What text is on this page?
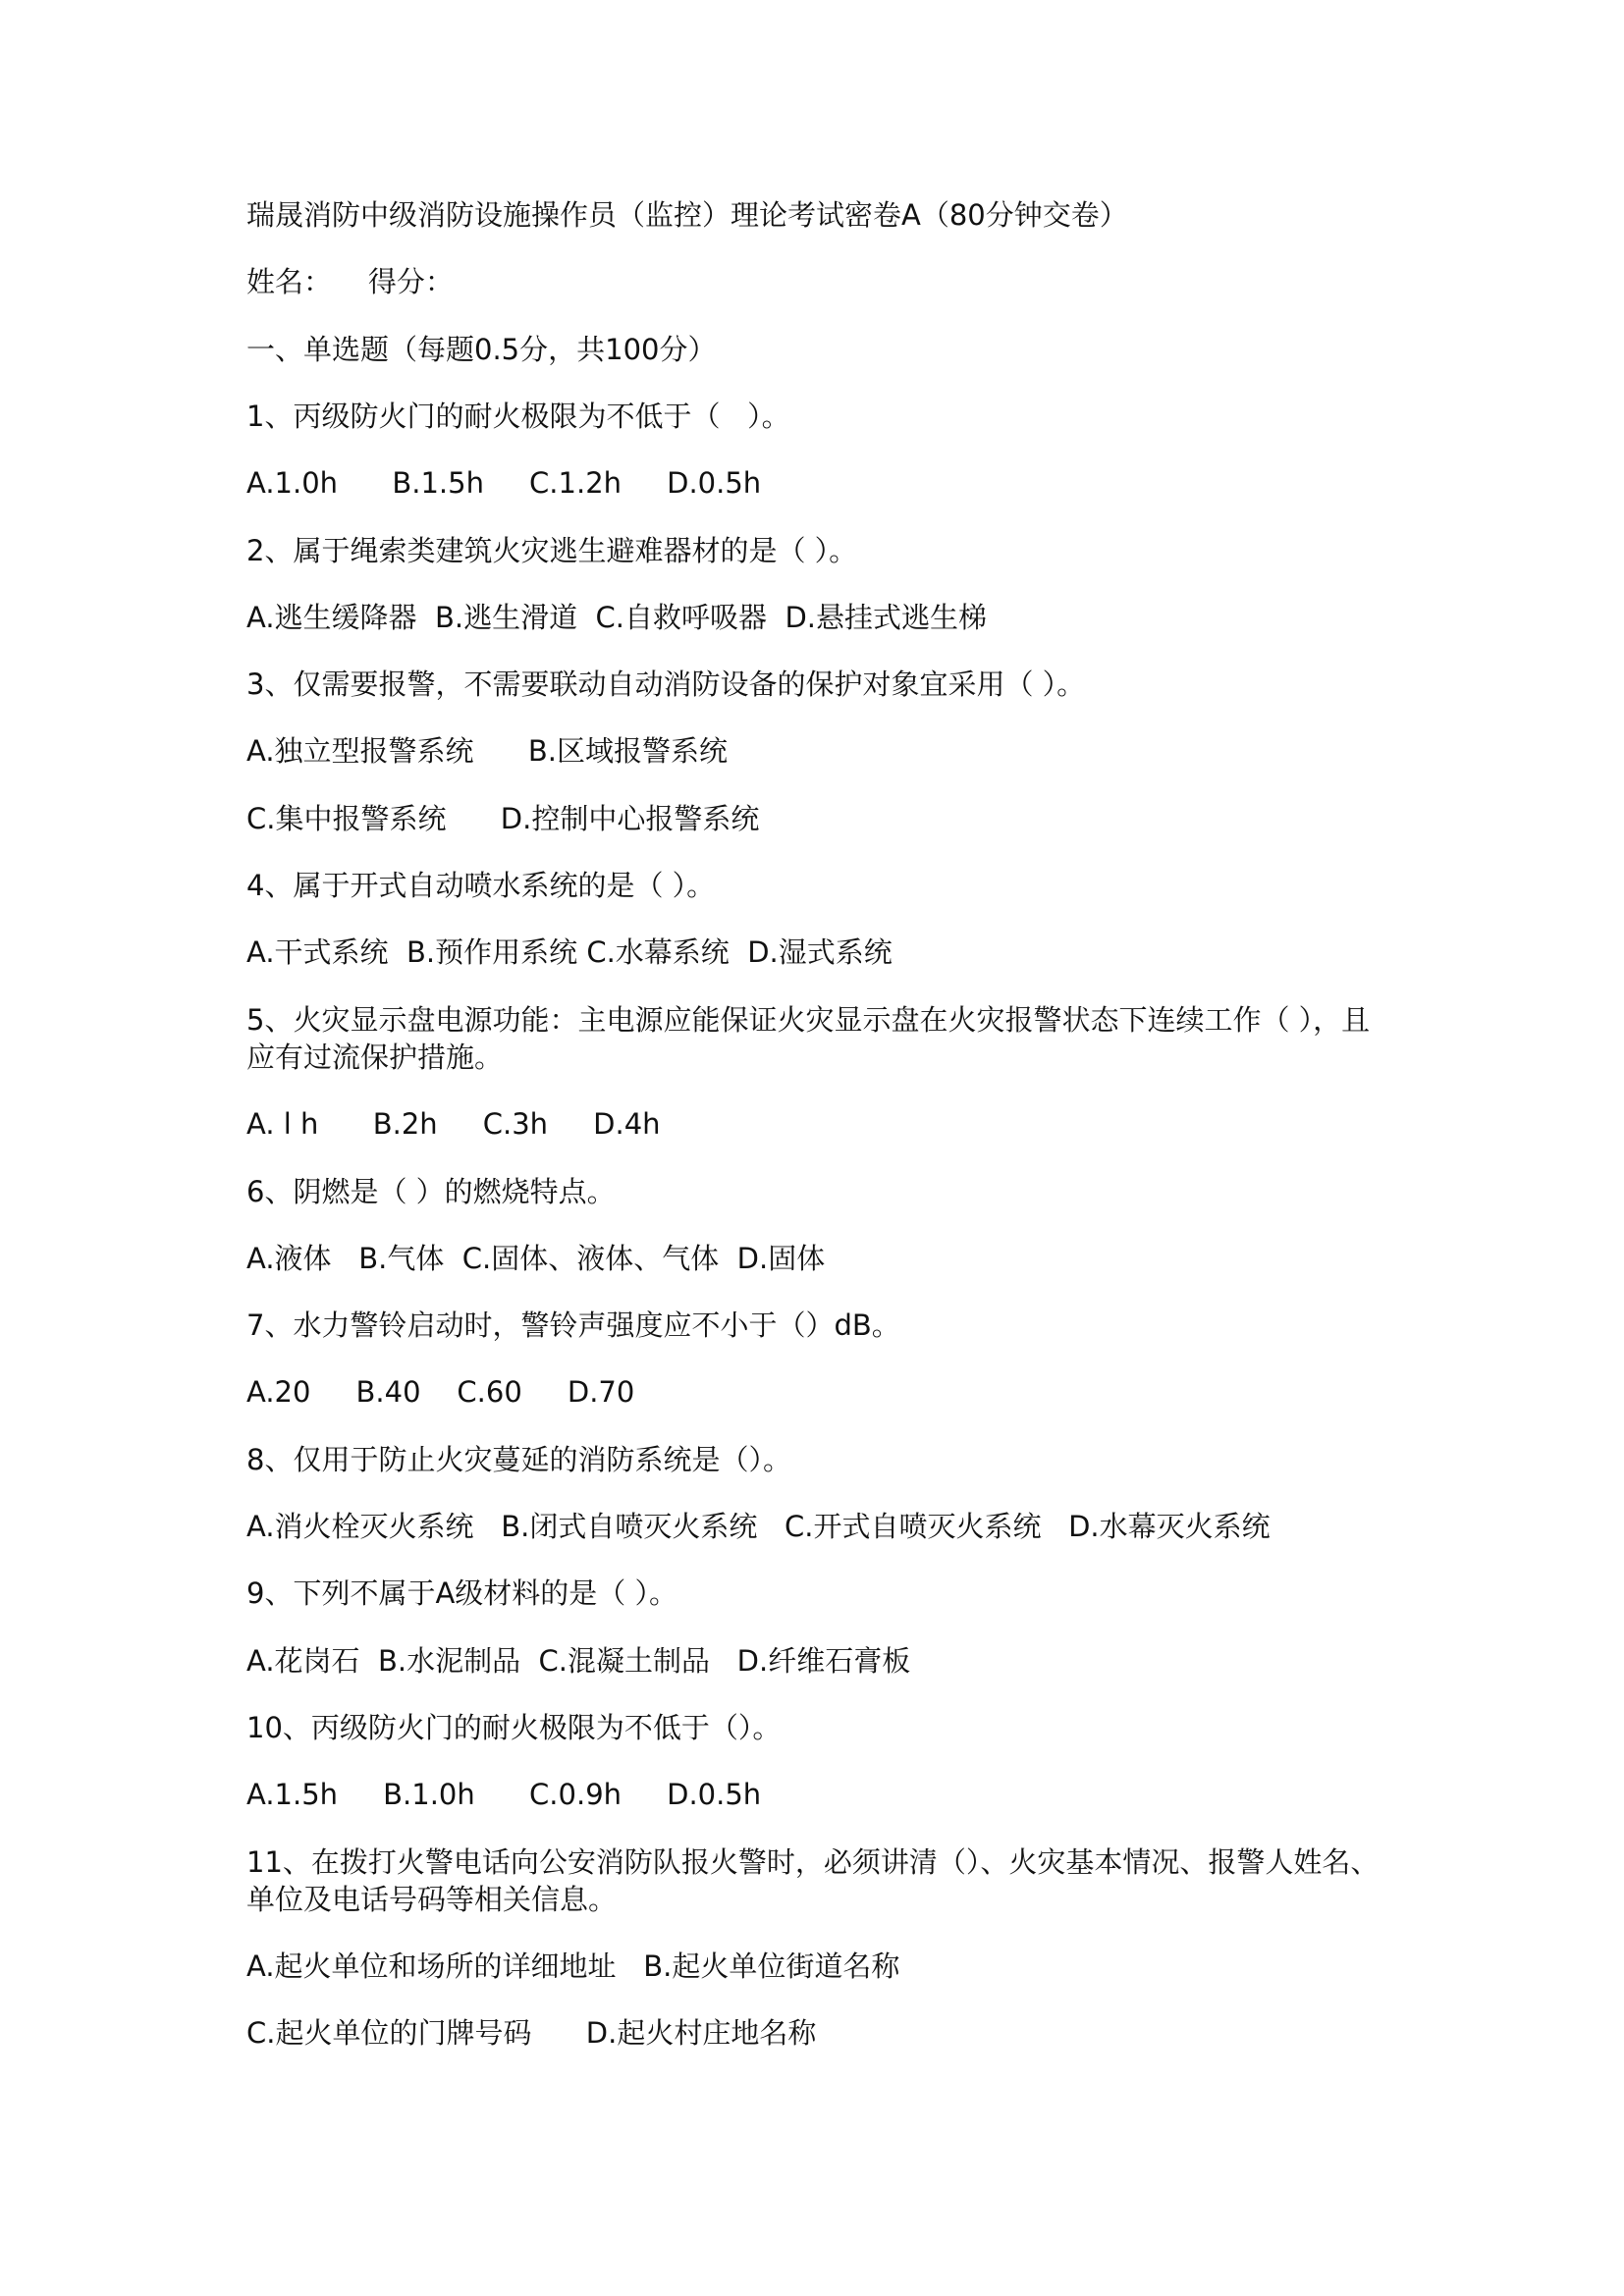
瑞晟消防中级消防设施操作员（监控）理论考试密卷A（80分钟交卷）
姓名：    得分：
一、单选题（每题0.5分，共100分）
1、丙级防火门的耐火极限为不低于（   ）。
A.1.0h      B.1.5h     C.1.2h     D.0.5h
2、属于绳索类建筑火灾逃生避难器材的是（ ）。
A.逃生缓降器  B.逃生滑道  C.自救呼吸器  D.悬挂式逃生梯
3、仅需要报警，不需要联动自动消防设备的保护对象宜采用（ ）。
A.独立型报警系统      B.区域报警系统
C.集中报警系统      D.控制中心报警系统
4、属于开式自动喷水系统的是（ ）。
A.干式系统  B.预作用系统 C.水幕系统  D.湿式系统
5、火灾显示盘电源功能：主电源应能保证火灾显示盘在火灾报警状态下连续工作（ ），且应有过流保护措施。
A. l h      B.2h     C.3h     D.4h
6、阴燃是（ ）的燃烧特点。
A.液体   B.气体  C.固体、液体、气体  D.固体
7、水力警铃启动时，警铃声强度应不小于（）dB。
A.20     B.40    C.60     D.70
8、仅用于防止火灾蔓延的消防系统是（）。
A.消火栓灭火系统   B.闭式自喷灭火系统   C.开式自喷灭火系统   D.水幕灭火系统
9、下列不属于A级材料的是（ ）。
A.花岗石  B.水泥制品  C.混凝土制品   D.纤维石膏板
10、丙级防火门的耐火极限为不低于（）。
A.1.5h     B.1.0h      C.0.9h     D.0.5h
11、在拨打火警电话向公安消防队报火警时，必须讲清（）、火灾基本情况、报警人姓名、单位及电话号码等相关信息。
A.起火单位和场所的详细地址   B.起火单位街道名称
C.起火单位的门牌号码      D.起火村庄地名称
